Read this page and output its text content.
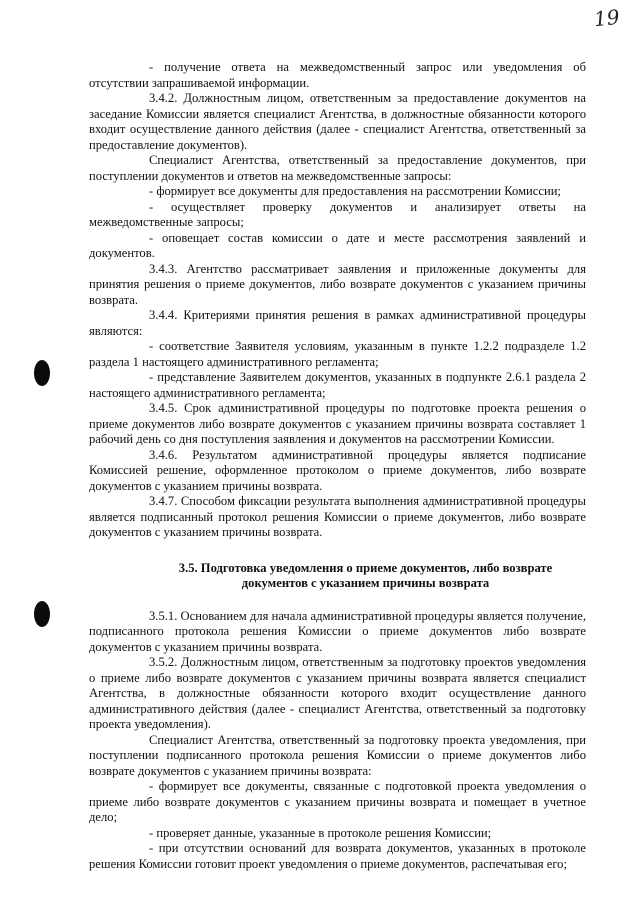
19

- получение ответа на межведомственный запрос или уведомления об отсутствии запрашиваемой информации.

3.4.2. Должностным лицом, ответственным за предоставление документов на заседание Комиссии является специалист Агентства, в должностные обязанности которого входит осуществление данного действия (далее - специалист Агентства, ответственный за предоставление документов).

Специалист Агентства, ответственный за предоставление документов, при поступлении документов и ответов на межведомственные запросы:

- формирует все документы для предоставления на рассмотрении Комиссии;

- осуществляет проверку документов и анализирует ответы на межведомственные запросы;

- оповещает состав комиссии о дате и месте рассмотрения заявлений и документов.

3.4.3. Агентство рассматривает заявления и приложенные документы для принятия решения о приеме документов, либо возврате документов с указанием причины возврата.

3.4.4. Критериями принятия решения в рамках административной процедуры являются:

- соответствие Заявителя условиям, указанным в пункте 1.2.2 подразделе 1.2 раздела 1 настоящего административного регламента;

- представление Заявителем документов, указанных в подпункте 2.6.1 раздела 2 настоящего административного регламента;

3.4.5. Срок административной процедуры по подготовке проекта решения о приеме документов либо возврате документов с указанием причины возврата составляет 1 рабочий день со дня поступления заявления и документов на рассмотрении Комиссии.

3.4.6. Результатом административной процедуры является подписание Комиссией решение, оформленное протоколом о приеме документов, либо возврате документов с указанием причины возврата.

3.4.7. Способом фиксации результата выполнения административной процедуры является подписанный протокол решения Комиссии о приеме документов, либо возврате документов с указанием причины возврата.

3.5. Подготовка уведомления о приеме документов, либо возврате документов с указанием причины возврата

3.5.1. Основанием для начала административной процедуры является получение, подписанного протокола решения Комиссии о приеме документов либо возврате документов с указанием причины возврата.

3.5.2. Должностным лицом, ответственным за подготовку проектов уведомления о приеме либо возврате документов с указанием причины возврата является специалист Агентства, в должностные обязанности которого входит осуществление данного административного действия (далее - специалист Агентства, ответственный за подготовку проекта уведомления).

Специалист Агентства, ответственный за подготовку проекта уведомления, при поступлении подписанного протокола решения Комиссии о приеме документов либо возврате документов с указанием причины возврата:

- формирует все документы, связанные с подготовкой проекта уведомления о приеме либо возврате документов с указанием причины возврата и помещает в учетное дело;

- проверяет данные, указанные в протоколе решения Комиссии;

- при отсутствии оснований для возврата документов, указанных в протоколе решения Комиссии готовит проект уведомления о приеме документов, распечатывая его;
